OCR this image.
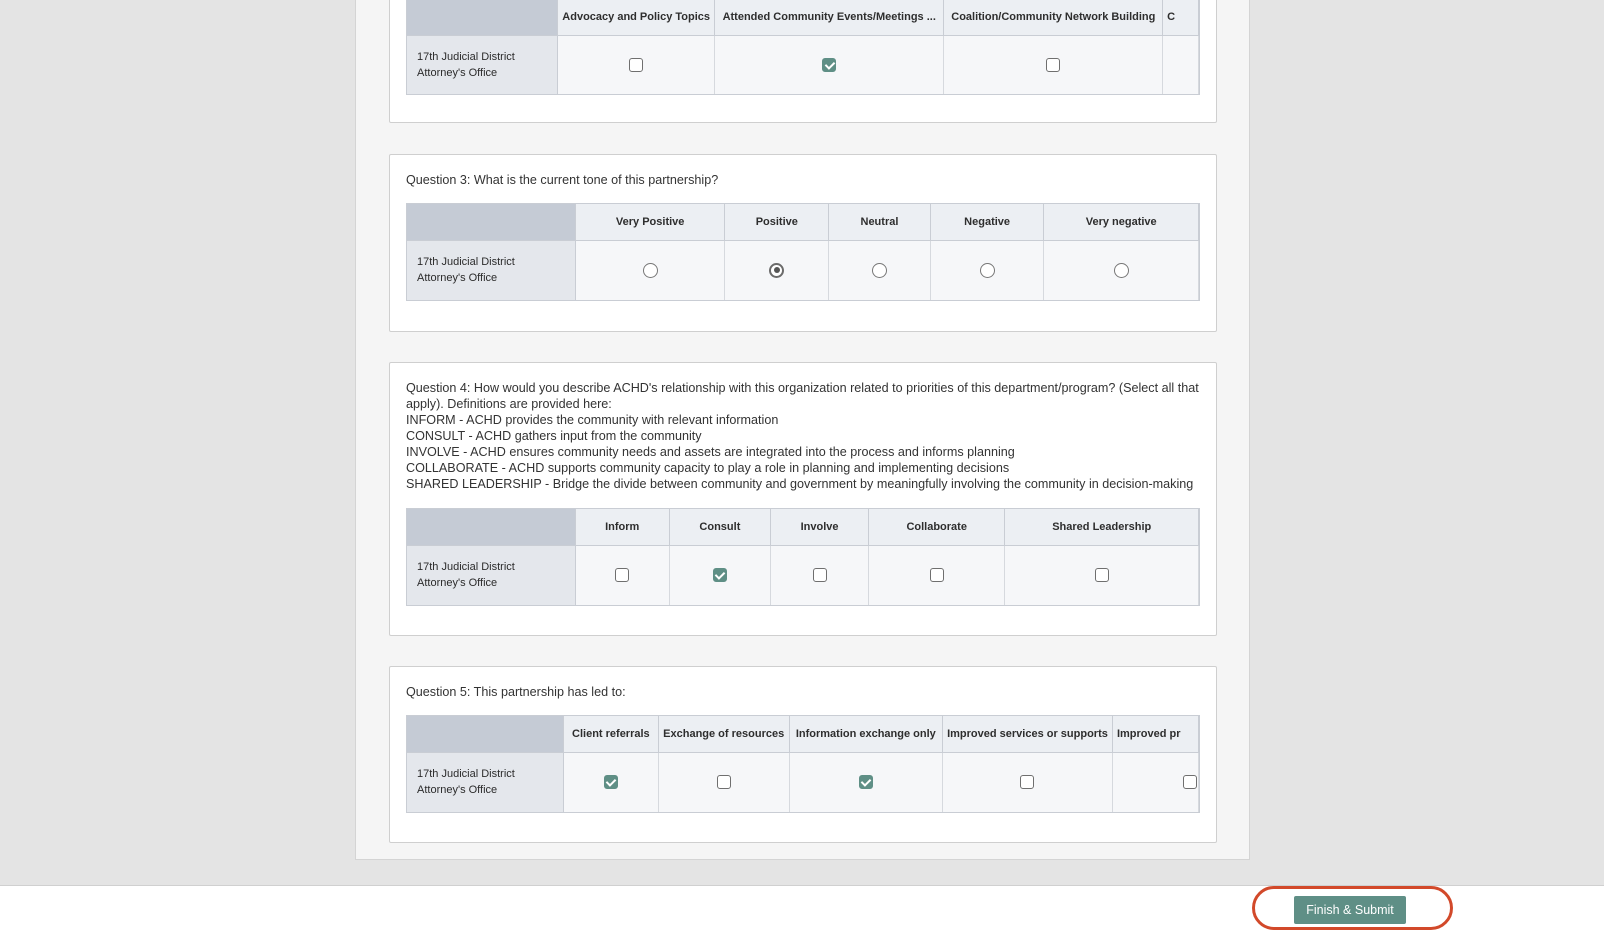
	Advocacy and Policy Topics	Attended Community Events/Meetings ...	Coalition/Community Network Building	C
17th Judicial District Attorney's Office				
Question 3: What is the current tone of this partnership?
	Very Positive	Positive	Neutral	Negative	Very negative
17th Judicial District Attorney's Office					
Question 4: How would you describe ACHD's relationship with this organization related to priorities of this department/program? (Select all that apply). Definitions are provided here:
INFORM - ACHD provides the community with relevant information
CONSULT - ACHD gathers input from the community
INVOLVE - ACHD ensures community needs and assets are integrated into the process and informs planning
COLLABORATE - ACHD supports community capacity to play a role in planning and implementing decisions
SHARED LEADERSHIP - Bridge the divide between community and government by meaningfully involving the community in decision-making
	Inform	Consult	Involve	Collaborate	Shared Leadership
17th Judicial District Attorney's Office					
Question 5: This partnership has led to:
	Client referrals	Exchange of resources	Information exchange only	Improved services or supports	Improved pr
17th Judicial District Attorney's Office					
Finish & Submit
